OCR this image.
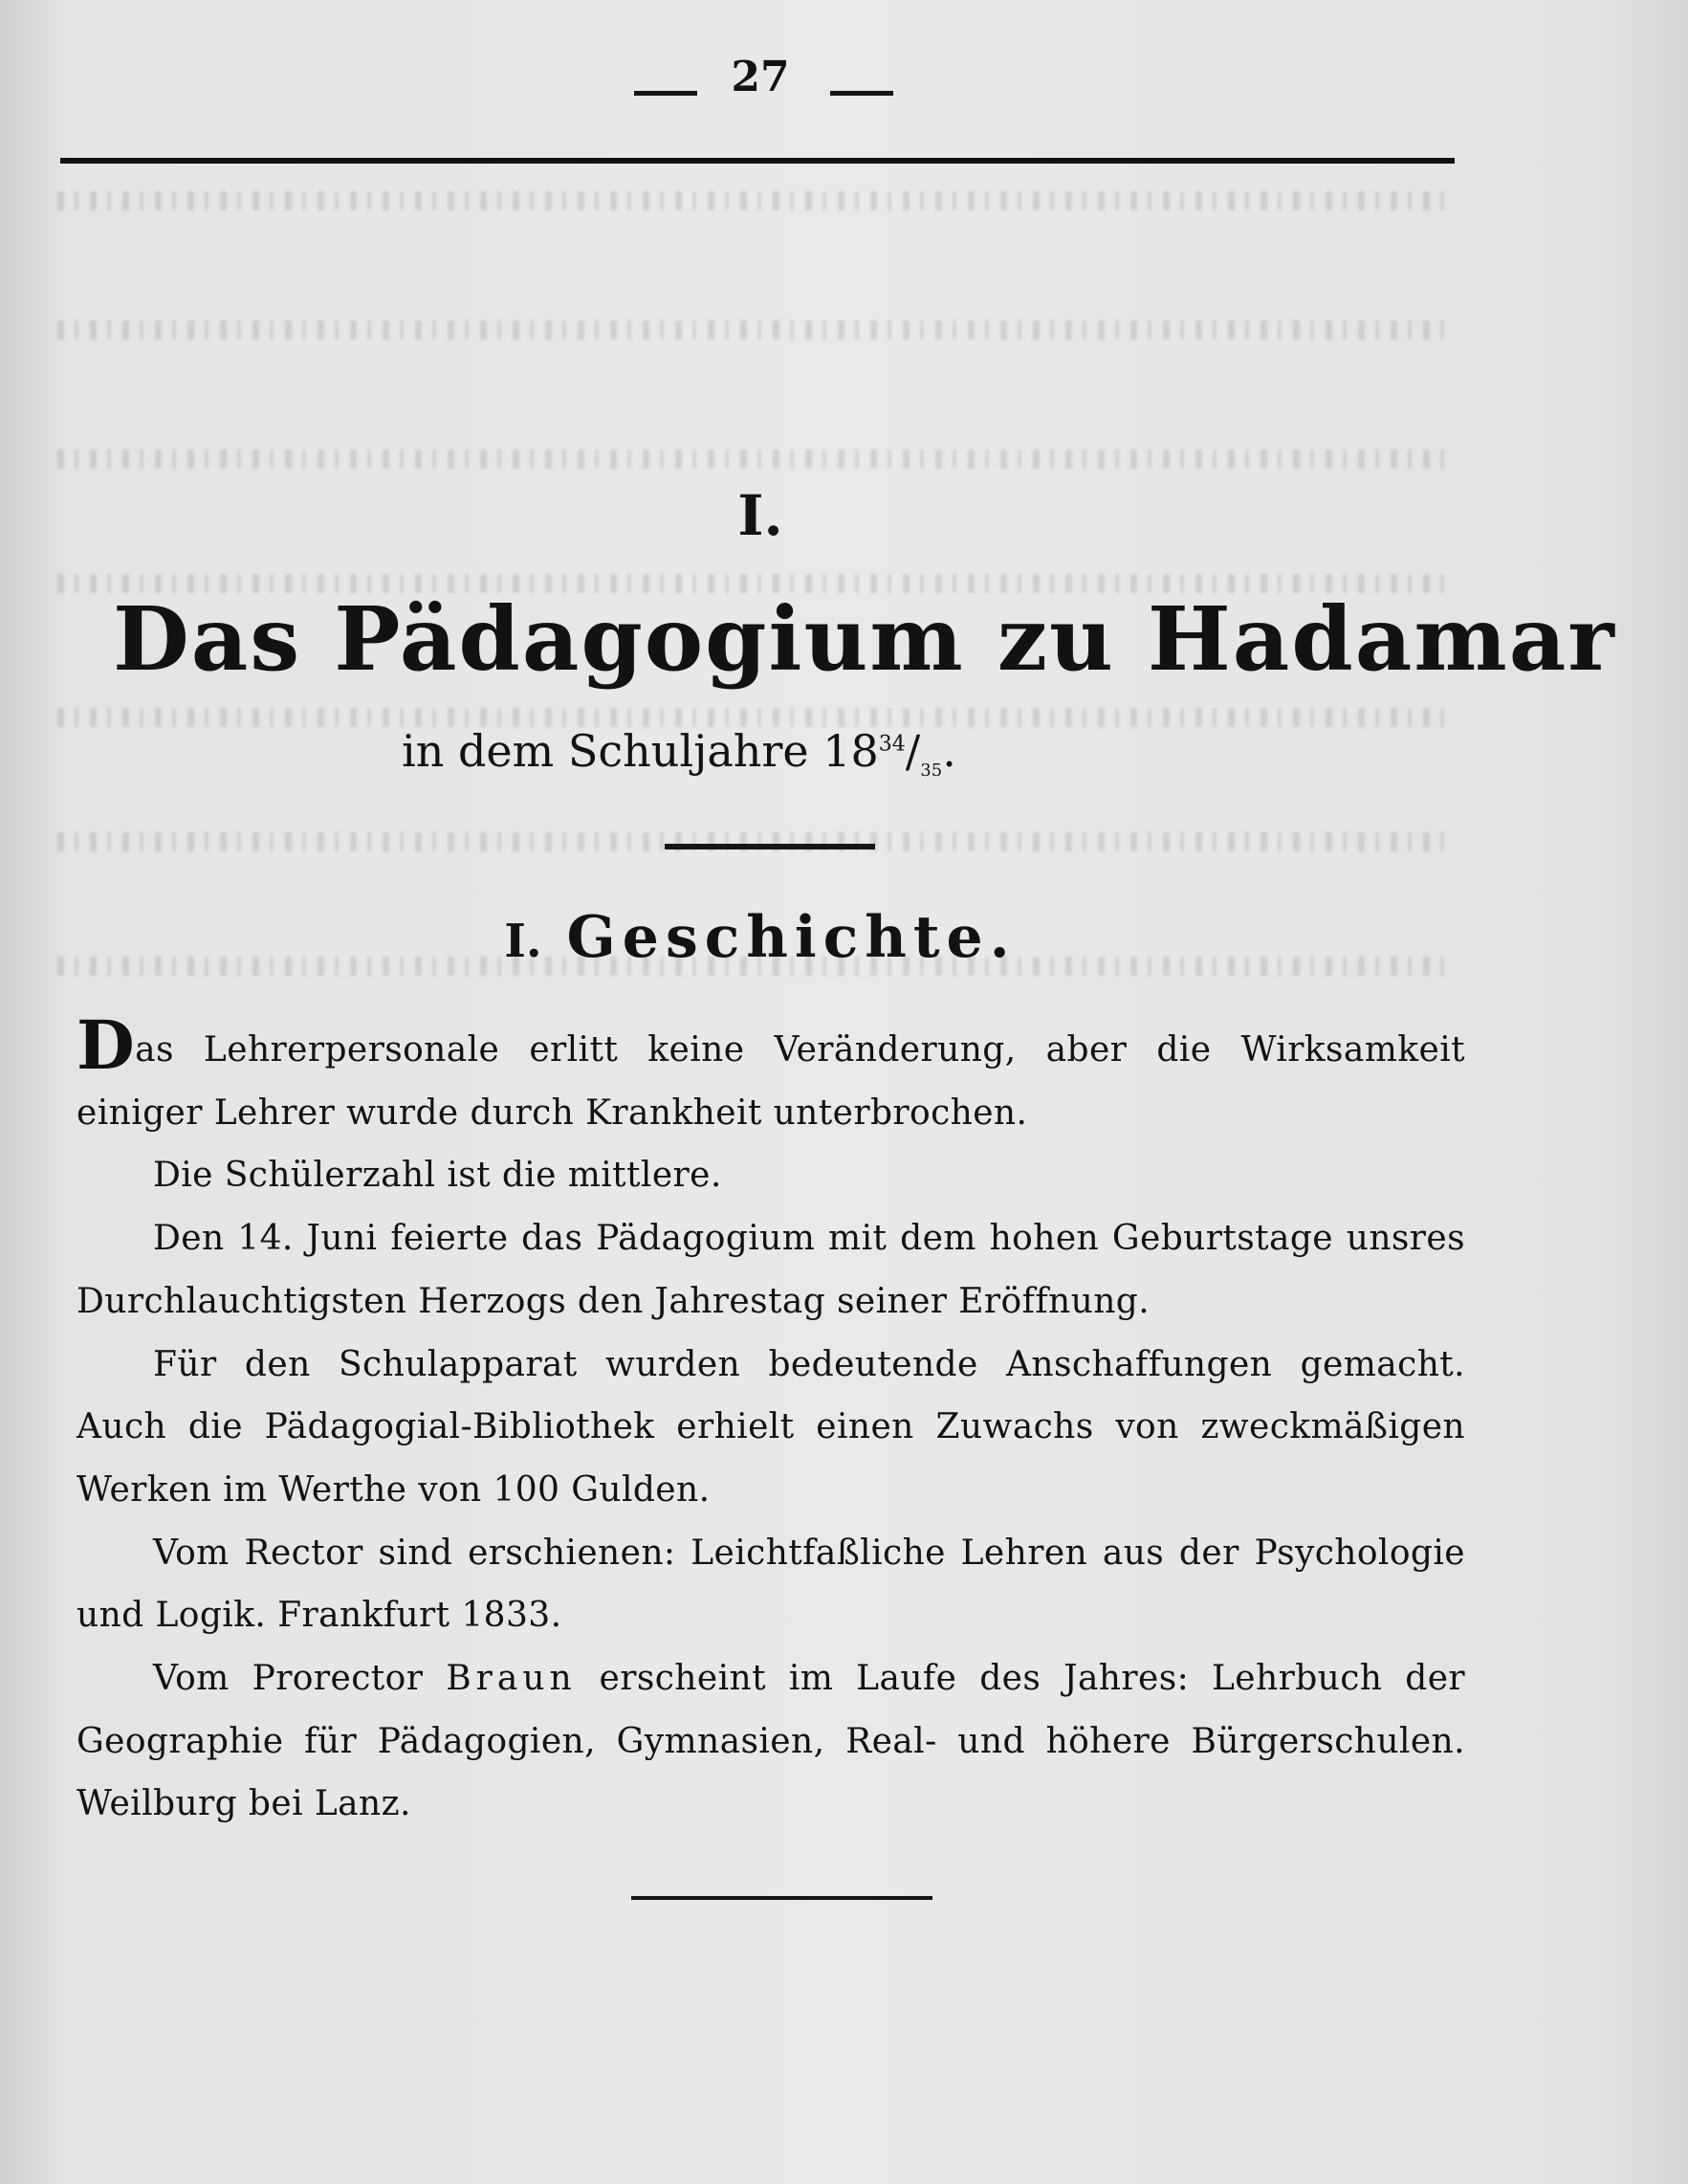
27
I.
Das Pädagogium zu Hadamar
in dem Schuljahre $18^{34}/_{35}$.
I. Geschichte.

Das Lehrerpersonale erlitt keine Veränderung, aber die Wirksamkeit einiger Lehrer wurde durch Krankheit unterbrochen.

Die Schülerzahl ist die mittlere.

Den 14. Juni feierte das Pädagogium mit dem hohen Geburtstage unsres Durchlauchtigsten Herzogs den Jahrestag seiner Eröffnung.

Für den Schulapparat wurden bedeutende Anschaffungen gemacht. Auch die Pädagogial-Bibliothek erhielt einen Zuwachs von zweckmäßigen Werken im Werthe von 100 Gulden.

Vom Rector sind erschienen: Leichtfaßliche Lehren aus der Psychologie und Logik. Frankfurt 1833.

Vom Prorector Braun erscheint im Laufe des Jahres: Lehrbuch der Geographie für Pädagogien, Gymnasien, Real- und höhere Bürgerschulen. Weilburg bei Lanz.
